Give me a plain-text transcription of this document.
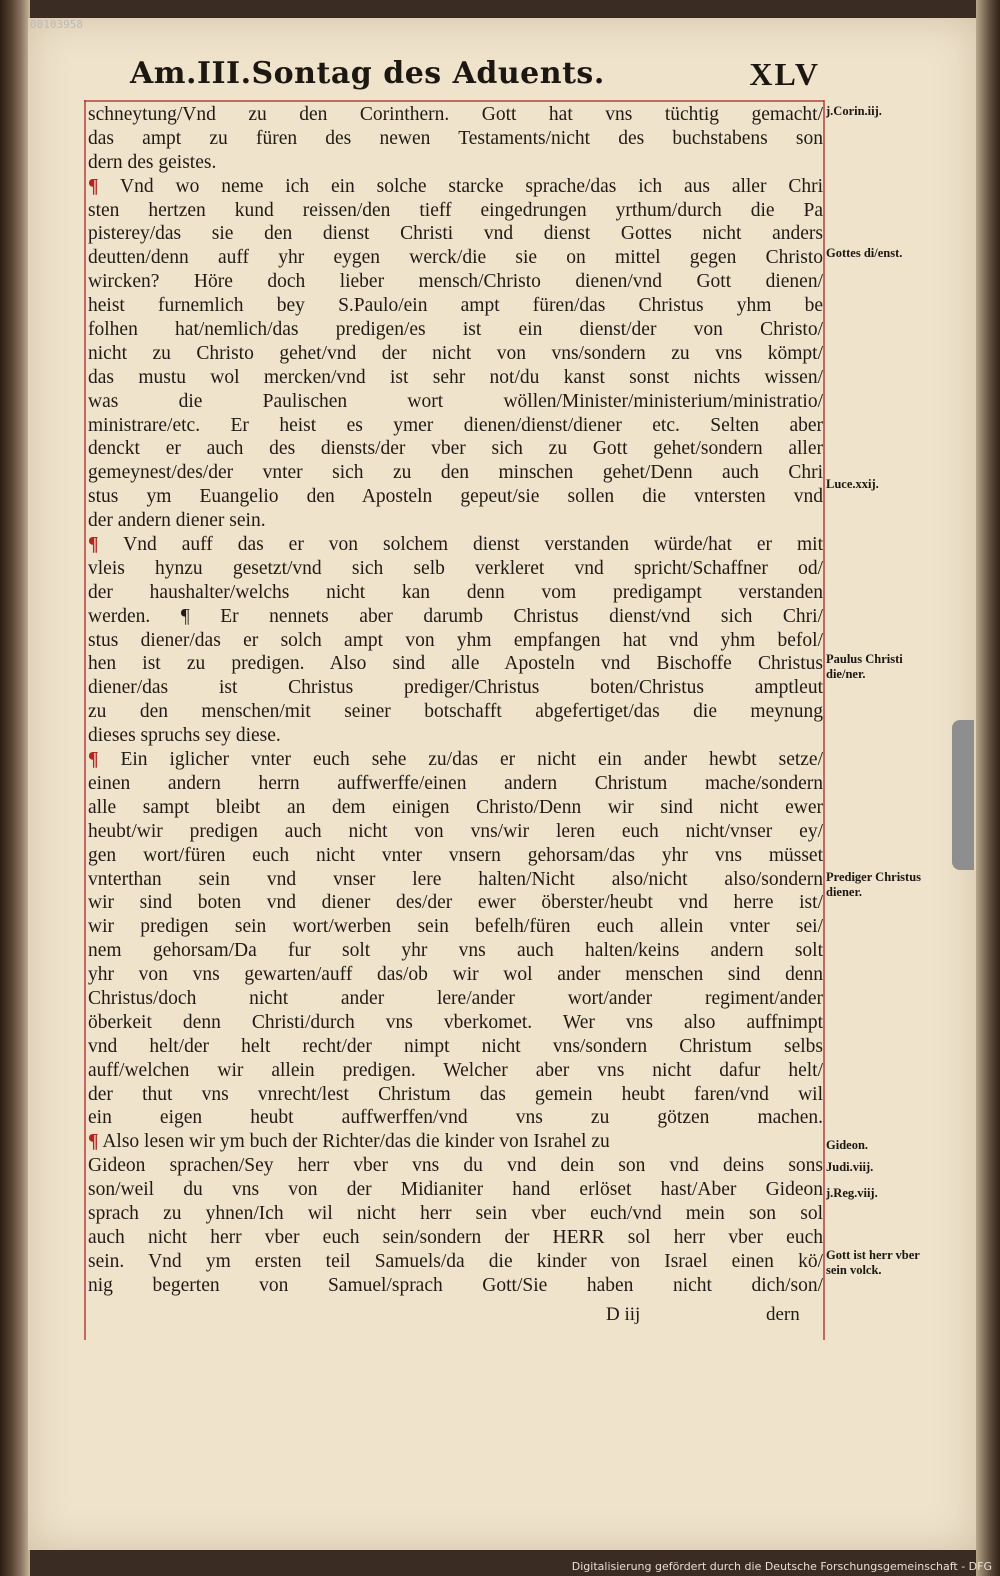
00103958
Am.III.Sontag des Aduents.	XLV
schneytung/Vnd zu den Corinthern. Gott hat vns tüchtig gemacht/
das ampt zu füren des newen Testaments/nicht des buchstabens son
dern des geistes.
¶ Vnd wo neme ich ein solche starcke sprache/das ich aus aller Chri
sten hertzen kund reissen/den tieff eingedrungen yrthum/durch die Pa
pisterey/das sie den dienst Christi vnd dienst Gottes nicht anders
deutten/denn auff yhr eygen werck/die sie on mittel gegen Christo
wircken? Höre doch lieber mensch/Christo dienen/vnd Gott dienen/
heist furnemlich bey S.Paulo/ein ampt füren/das Christus yhm be
folhen hat/nemlich/das predigen/es ist ein dienst/der von Christo/
nicht zu Christo gehet/vnd der nicht von vns/sondern zu vns kömpt/
das mustu wol mercken/vnd ist sehr not/du kanst sonst nichts wissen/
was die Paulischen wort wöllen/Minister/ministerium/ministratio/
ministrare/etc. Er heist es ymer dienen/dienst/diener etc. Selten aber
denckt er auch des diensts/der vber sich zu Gott gehet/sondern aller
gemeynest/des/der vnter sich zu den minschen gehet/Denn auch Chri
stus ym Euangelio den Aposteln gepeut/sie sollen die vntersten vnd
der andern diener sein.
¶ Vnd auff das er von solchem dienst verstanden würde/hat er mit
vleis hynzu gesetzt/vnd sich selb verkleret vnd spricht/Schaffner od/
der haushalter/welchs nicht kan denn vom predigampt verstanden
werden. ¶ Er nennets aber darumb Christus dienst/vnd sich Chri/
stus diener/das er solch ampt von yhm empfangen hat vnd yhm befol/
hen ist zu predigen. Also sind alle Aposteln vnd Bischoffe Christus
diener/das ist Christus prediger/Christus boten/Christus amptleut
zu den menschen/mit seiner botschafft abgefertiget/das die meynung
dieses spruchs sey diese.
¶ Ein iglicher vnter euch sehe zu/das er nicht ein ander hewbt setze/
einen andern herrn auffwerffe/einen andern Christum mache/sondern
alle sampt bleibt an dem einigen Christo/Denn wir sind nicht ewer
heubt/wir predigen auch nicht von vns/wir leren euch nicht/vnser ey/
gen wort/füren euch nicht vnter vnsern gehorsam/das yhr vns müsset
vnterthan sein vnd vnser lere halten/Nicht also/nicht also/sondern
wir sind boten vnd diener des/der ewer öberster/heubt vnd herre ist/
wir predigen sein wort/werben sein befelh/füren euch allein vnter sei/
nem gehorsam/Da fur solt yhr vns auch halten/keins andern solt
yhr von vns gewarten/auff das/ob wir wol ander menschen sind denn
Christus/doch nicht ander lere/ander wort/ander regiment/ander
öberkeit denn Christi/durch vns vberkomet. Wer vns also auffnimpt
vnd helt/der helt recht/der nimpt nicht vns/sondern Christum selbs
auff/welchen wir allein predigen. Welcher aber vns nicht dafur helt/
der thut vns vnrecht/lest Christum das gemein heubt faren/vnd wil
ein eigen heubt auffwerffen/vnd vns zu götzen machen.
¶ Also lesen wir ym buch der Richter/das die kinder von Israhel zu
Gideon sprachen/Sey herr vber vns du vnd dein son vnd deins sons
son/weil du vns von der Midianiter hand erlöset hast/Aber Gideon
sprach zu yhnen/Ich wil nicht herr sein vber euch/vnd mein son sol
auch nicht herr vber euch sein/sondern der HERR sol herr vber euch
sein. Vnd ym ersten teil Samuels/da die kinder von Israel einen kö/
nig begerten von Samuel/sprach Gott/Sie haben nicht dich/son/
j.Corin.iij.
Gottes di/enst.
Luce.xxij.
Paulus Christi die/ner.
Prediger Christus diener.
Gideon.
Judi.viij.
j.Reg.viij.
Gott ist herr vber sein volck.
D iij	dern
Digitalisierung gefördert durch die Deutsche Forschungsgemeinschaft - DFG
